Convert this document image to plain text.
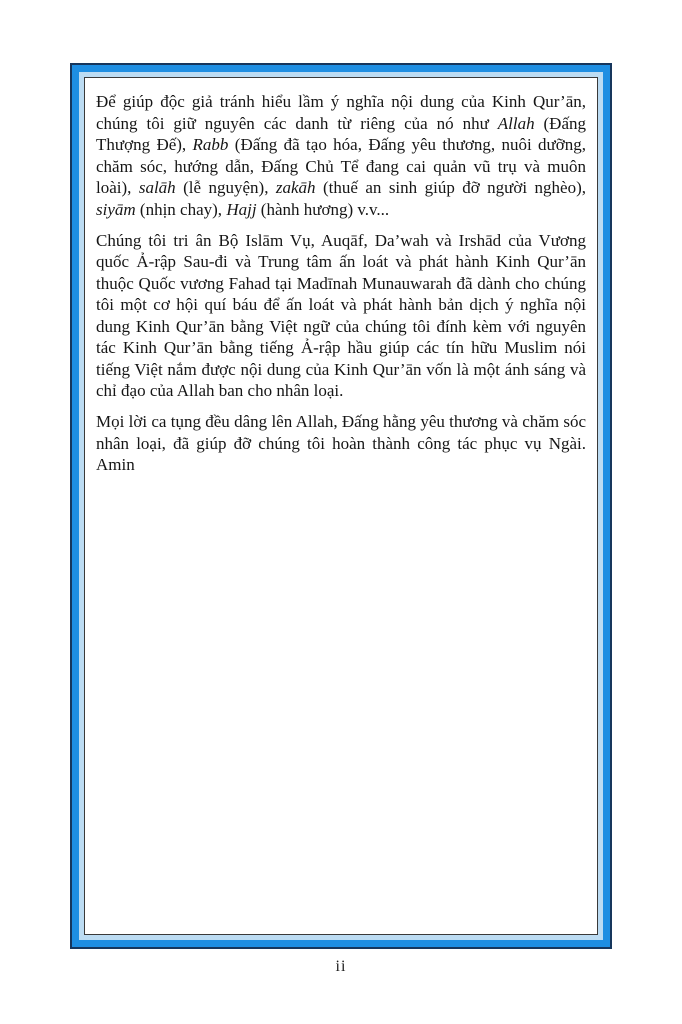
Để giúp độc giả tránh hiểu lầm ý nghĩa nội dung của Kinh Qur’ān, chúng tôi giữ nguyên các danh từ riêng của nó như Allah (Đấng Thượng Đế), Rabb (Đấng đã tạo hóa, Đấng yêu thương, nuôi dưỡng, chăm sóc, hướng dẫn, Đấng Chủ Tể đang cai quản vũ trụ và muôn loài), salāh (lễ nguyện), zakāh (thuế an sinh giúp đỡ người nghèo), siyām (nhịn chay), Hajj (hành hương) v.v...

Chúng tôi tri ân Bộ Islām Vụ, Auqāf, Da’wah và Irshād của Vương quốc Ả-rập Sau-đi và Trung tâm ấn loát và phát hành Kinh Qur’ān thuộc Quốc vương Fahad tại Madīnah Munauwarah đã dành cho chúng tôi một cơ hội quí báu để ấn loát và phát hành bản dịch ý nghĩa nội dung Kinh Qur’ān bằng Việt ngữ của chúng tôi đính kèm với nguyên tác Kinh Qur’ān bằng tiếng Ả-rập hầu giúp các tín hữu Muslim nói tiếng Việt nắm được nội dung của Kinh Qur’ān vốn là một ánh sáng và chỉ đạo của Allah ban cho nhân loại.

Mọi lời ca tụng đều dâng lên Allah, Đấng hằng yêu thương và chăm sóc nhân loại, đã giúp đỡ chúng tôi hoàn thành công tác phục vụ Ngài. Amin

ii
